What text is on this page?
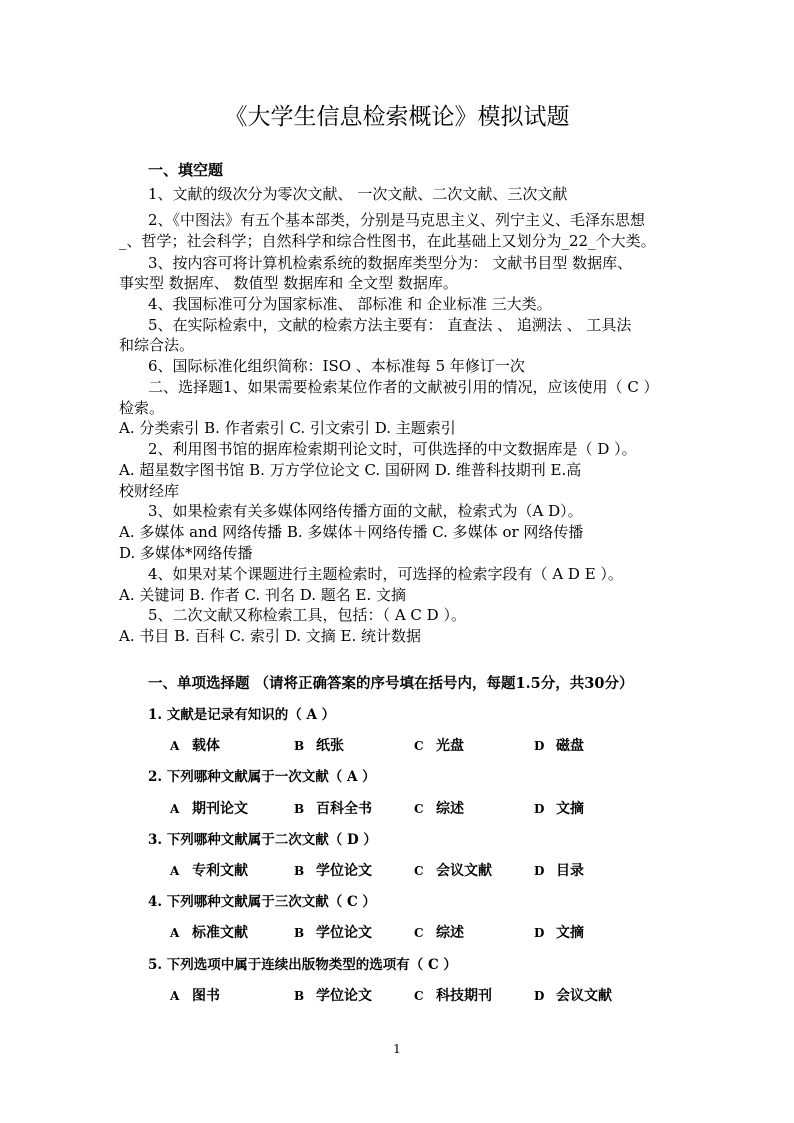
《大学生信息检索概论》模拟试题
一、填空题
1、文献的级次分为零次文献、 一次文献、二次文献、三次文献
2、《中图法》有五个基本部类，分别是马克思主义、列宁主义、毛泽东思想
_、哲学；社会科学；自然科学和综合性图书，在此基础上又划分为_22_个大类。
3、按内容可将计算机检索系统的数据库类型分为： 文献书目型 数据库、
事实型 数据库、 数值型 数据库和 全文型 数据库。
4、我国标准可分为国家标准、 部标准 和 企业标准 三大类。
5、在实际检索中，文献的检索方法主要有： 直查法 、 追溯法 、 工具法
和综合法。
6、国际标准化组织简称：ISO 、本标准每 5 年修订一次
二、选择题1、如果需要检索某位作者的文献被引用的情况，应该使用（ C ）
检索。
A. 分类索引 B. 作者索引 C. 引文索引 D. 主题索引
2、利用图书馆的据库检索期刊论文时，可供选择的中文数据库是（ D ）。
A. 超星数字图书馆 B. 万方学位论文 C. 国研网 D. 维普科技期刊 E.高
校财经库
3、如果检索有关多媒体网络传播方面的文献，检索式为（A D）。
A. 多媒体 and 网络传播 B. 多媒体＋网络传播 C. 多媒体 or 网络传播
D. 多媒体*网络传播
4、如果对某个课题进行主题检索时，可选择的检索字段有（ A D E ）。
A. 关键词 B. 作者 C. 刊名 D. 题名 E. 文摘
5、二次文献又称检索工具，包括：（ A C D ）。
A. 书目 B. 百科 C. 索引 D. 文摘 E. 统计数据
一、单项选择题 （请将正确答案的序号填在括号内，每题1.5分，共30分）
1. 文献是记录有知识的（ A ）
A 载体	B 纸张	C 光盘	D 磁盘
2. 下列哪种文献属于一次文献（ A ）
A 期刊论文	B 百科全书	C 综述	D 文摘
3. 下列哪种文献属于二次文献（ D ）
A 专利文献	B 学位论文	C 会议文献	D 目录
4. 下列哪种文献属于三次文献（ C ）
A 标准文献	B 学位论文	C 综述	D 文摘
5. 下列选项中属于连续出版物类型的选项有（ C ）
A 图书	B 学位论文	C 科技期刊	D 会议文献
1
